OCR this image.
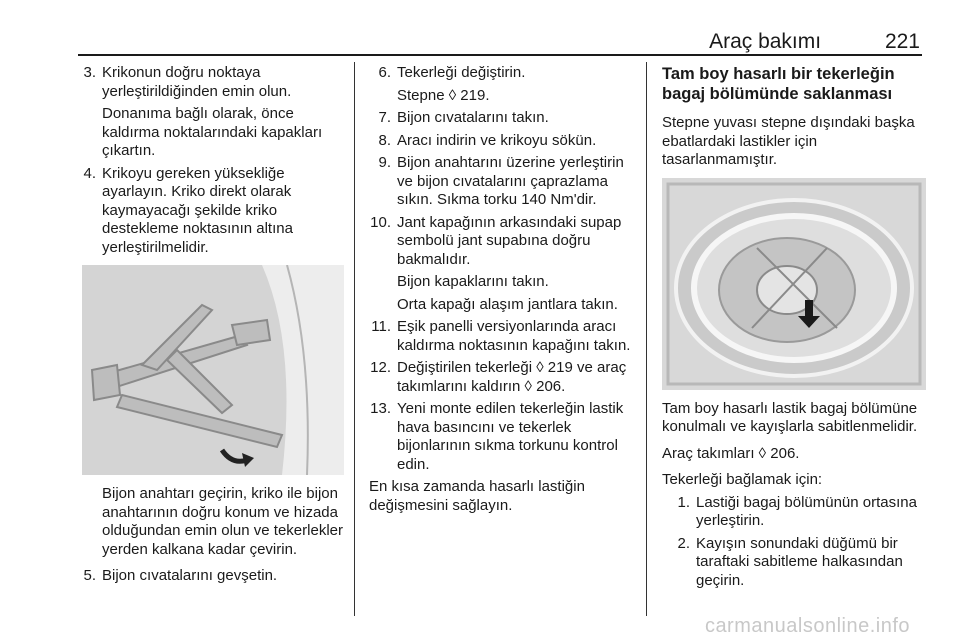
Araç bakımı	221
3. Krikonun doğru noktaya yerleştirildiğinden emin olun.
Donanıma bağlı olarak, önce kaldırma noktalarındaki kapakları çıkartın.
4. Krikoyu gereken yüksekliğe ayarlayın. Kriko direkt olarak kaymayacağı şekilde kriko destekleme noktasının altına yerleştirilmelidir.
Bijon anahtarı geçirin, kriko ile bijon anahtarının doğru konum ve hizada olduğundan emin olun ve tekerlekler yerden kalkana kadar çevirin.
5. Bijon cıvatalarını gevşetin.
6. Tekerleği değiştirin.
Stepne ◊ 219.
7. Bijon cıvatalarını takın.
8. Aracı indirin ve krikoyu sökün.
9. Bijon anahtarını üzerine yerleştirin ve bijon cıvatalarını çaprazlama sıkın. Sıkma torku 140 Nm'dir.
10. Jant kapağının arkasındaki supap sembolü jant supabına doğru bakmalıdır.
Bijon kapaklarını takın.
Orta kapağı alaşım jantlara takın.
11. Eşik panelli versiyonlarında aracı kaldırma noktasının kapağını takın.
12. Değiştirilen tekerleği ◊ 219 ve araç takımlarını kaldırın ◊ 206.
13. Yeni monte edilen tekerleğin lastik hava basıncını ve tekerlek bijonlarının sıkma torkunu kontrol edin.
En kısa zamanda hasarlı lastiğin değişmesini sağlayın.
Tam boy hasarlı bir tekerleğin bagaj bölümünde saklanması
Stepne yuvası stepne dışındaki başka ebatlardaki lastikler için tasarlanmamıştır.
Tam boy hasarlı lastik bagaj bölümüne konulmalı ve kayışlarla sabitlenmelidir.
Araç takımları ◊ 206.
Tekerleği bağlamak için:
1. Lastiği bagaj bölümünün ortasına yerleştirin.
2. Kayışın sonundaki düğümü bir taraftaki sabitleme halkasından geçirin.
carmanualsonline.info
